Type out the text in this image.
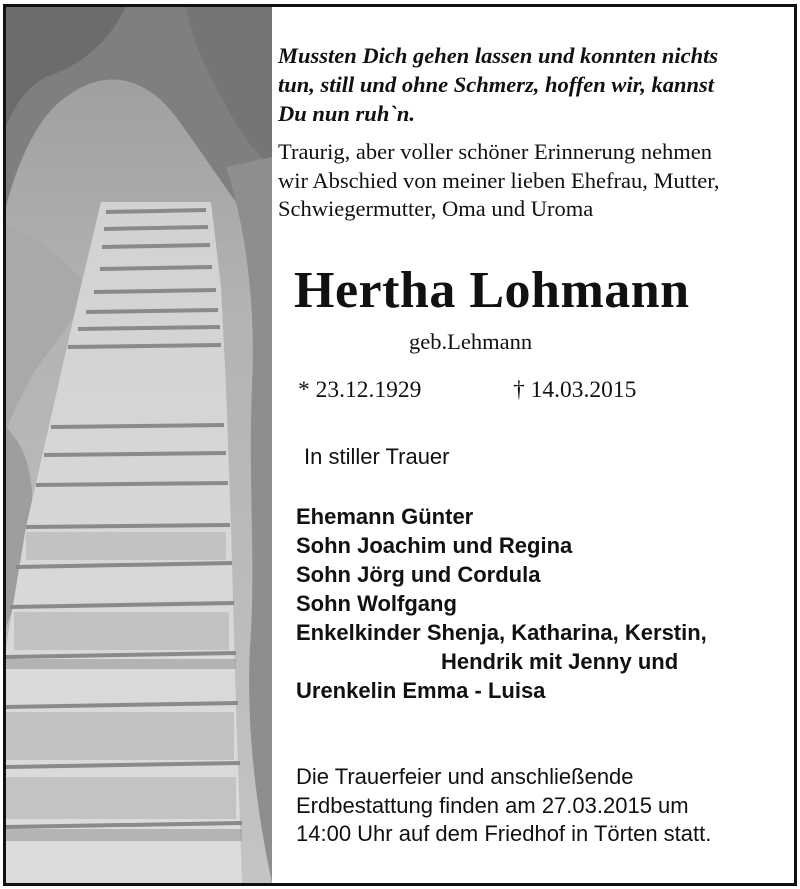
Mussten Dich gehen lassen und konnten nichts
tun, still und ohne Schmerz, hoffen wir, kannst
Du nun ruh`n.
Traurig, aber voller schöner Erinnerung nehmen
wir Abschied von meiner lieben Ehefrau, Mutter,
Schwiegermutter, Oma und Uroma
Hertha Lohmann
geb.Lehmann
* 23.12.1929	† 14.03.2015
In stiller Trauer
Ehemann Günter
Sohn Joachim und Regina
Sohn Jörg und Cordula
Sohn Wolfgang
Enkelkinder Shenja, Katharina, Kerstin,
Hendrik mit Jenny und
Urenkelin Emma - Luisa
Die Trauerfeier und anschließende
Erdbestattung finden am 27.03.2015 um
14:00 Uhr auf dem Friedhof in Törten statt.
